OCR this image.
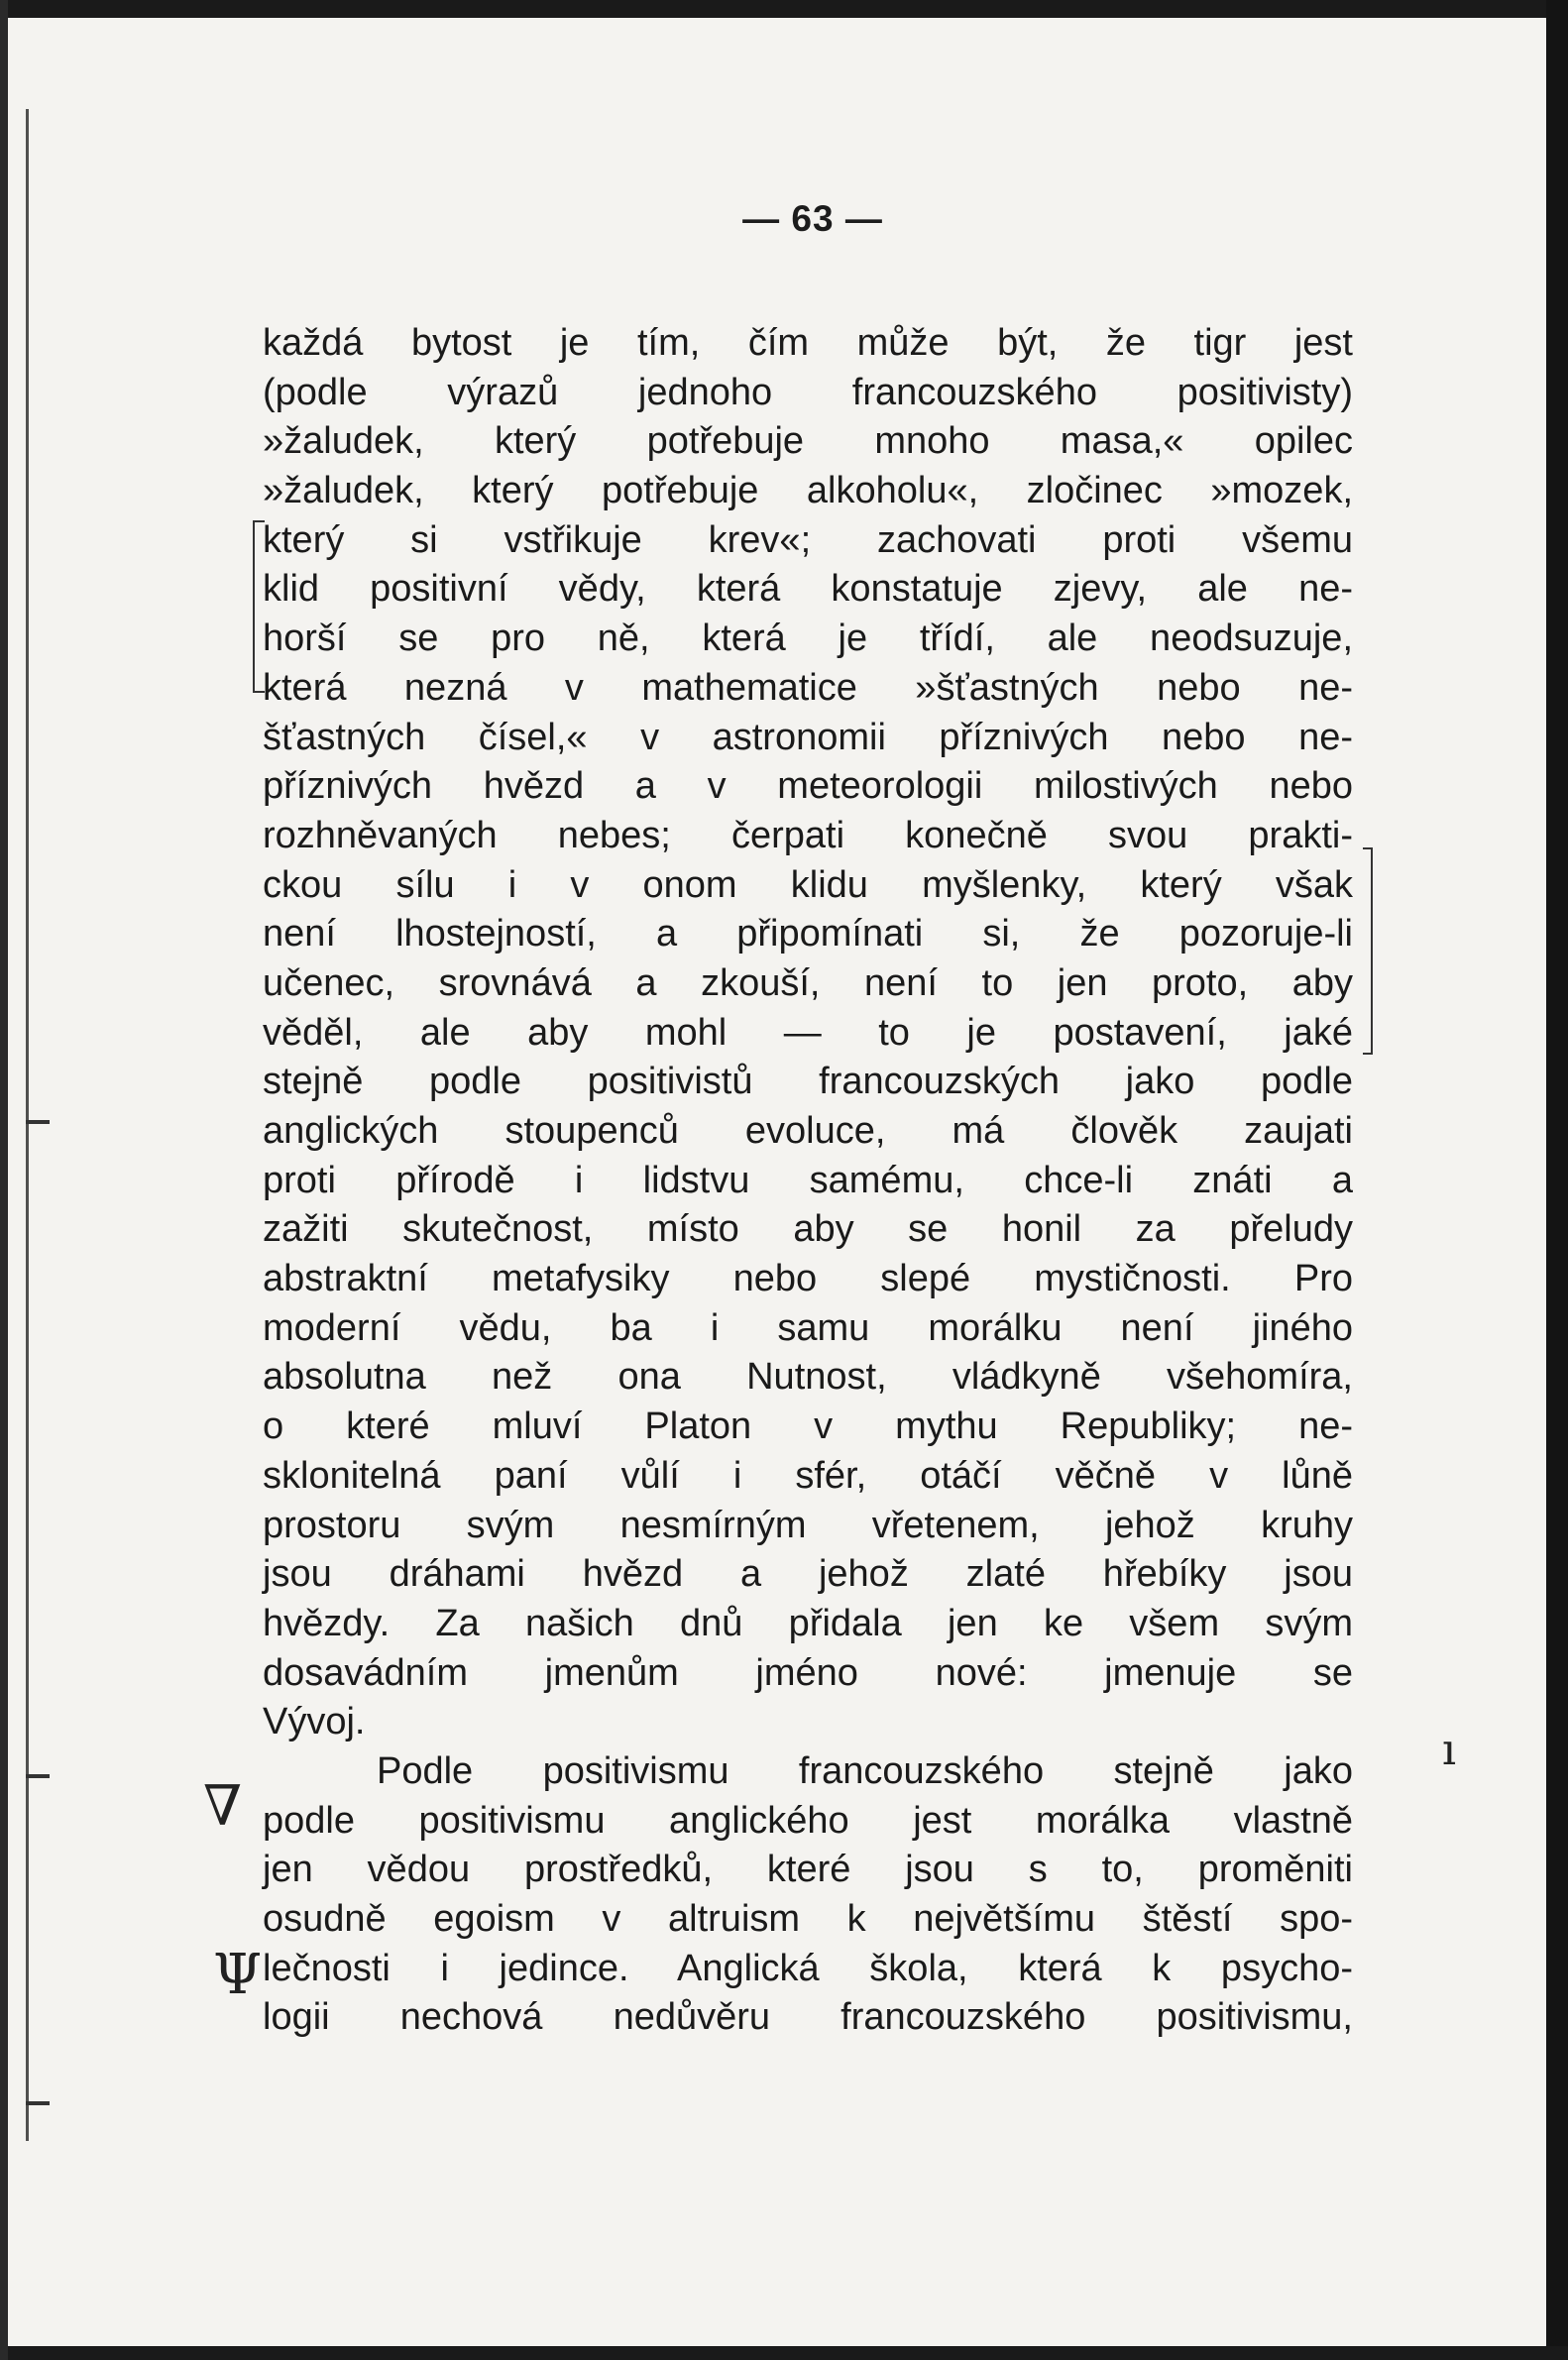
— 63 —
∇
Ψ
ı
každá bytost je tím, čím může být, že tigr jest
(podle výrazů jednoho francouzského positivisty)
»žaludek, který potřebuje mnoho masa,« opilec
»žaludek, který potřebuje alkoholu«, zločinec »mozek,
který si vstřikuje krev«; zachovati proti všemu
klid positivní vědy, která konstatuje zjevy, ale ne-
horší se pro ně, která je třídí, ale neodsuzuje,
která nezná v mathematice »šťastných nebo ne-
šťastných čísel,« v astronomii příznivých nebo ne-
příznivých hvězd a v meteorologii milostivých nebo
rozhněvaných nebes; čerpati konečně svou prakti-
ckou sílu i v onom klidu myšlenky, který však
není lhostejností, a připomínati si, že pozoruje-li
učenec, srovnává a zkouší, není to jen proto, aby
věděl, ale aby mohl — to je postavení, jaké
stejně podle positivistů francouzských jako podle
anglických stoupenců evoluce, má člověk zaujati
proti přírodě i lidstvu samému, chce-li znáti a
zažiti skutečnost, místo aby se honil za přeludy
abstraktní metafysiky nebo slepé mystičnosti. Pro
moderní vědu, ba i samu morálku není jiného
absolutna než ona Nutnost, vládkyně všehomíra,
o které mluví Platon v mythu Republiky; ne-
sklonitelná paní vůlí i sfér, otáčí věčně v lůně
prostoru svým nesmírným vřetenem, jehož kruhy
jsou dráhami hvězd a jehož zlaté hřebíky jsou
hvězdy. Za našich dnů přidala jen ke všem svým
dosavádním jmenům jméno nové: jmenuje se
Vývoj.
Podle positivismu francouzského stejně jako
podle positivismu anglického jest morálka vlastně
jen vědou prostředků, které jsou s to, proměniti
osudně egoism v altruism k největšímu štěstí spo-
lečnosti i jedince. Anglická škola, která k psycho-
logii nechová nedůvěru francouzského positivismu,
